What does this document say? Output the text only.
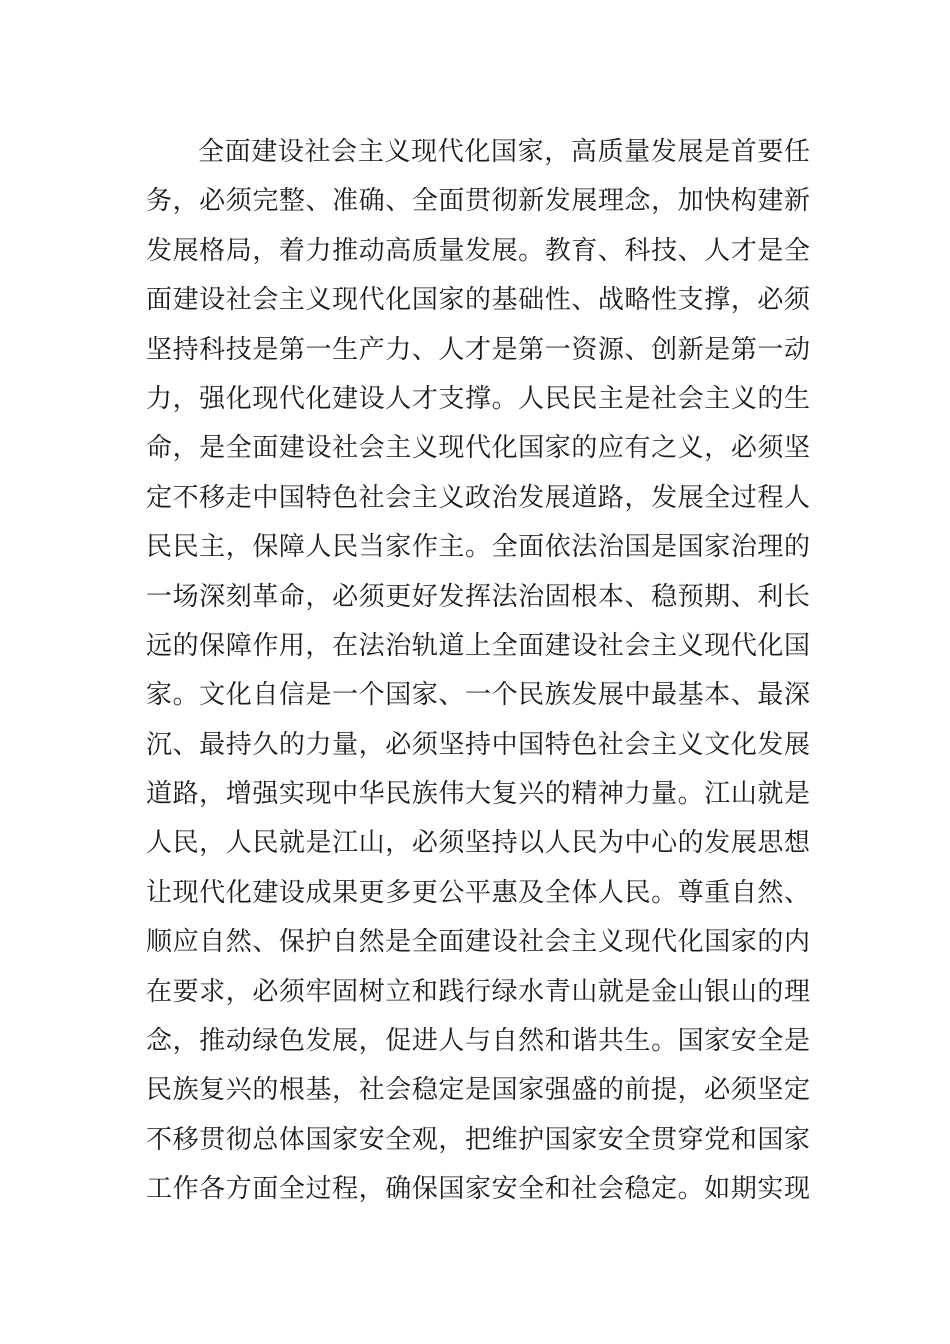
全面建设社会主义现代化国家，高质量发展是首要任
务，必须完整、准确、全面贯彻新发展理念，加快构建新
发展格局，着力推动高质量发展。教育、科技、人才是全
面建设社会主义现代化国家的基础性、战略性支撑，必须
坚持科技是第一生产力、人才是第一资源、创新是第一动
力，强化现代化建设人才支撑。人民民主是社会主义的生
命，是全面建设社会主义现代化国家的应有之义，必须坚
定不移走中国特色社会主义政治发展道路，发展全过程人
民民主，保障人民当家作主。全面依法治国是国家治理的
一场深刻革命，必须更好发挥法治固根本、稳预期、利长
远的保障作用，在法治轨道上全面建设社会主义现代化国
家。文化自信是一个国家、一个民族发展中最基本、最深
沉、最持久的力量，必须坚持中国特色社会主义文化发展
道路，增强实现中华民族伟大复兴的精神力量。江山就是
人民，人民就是江山，必须坚持以人民为中心的发展思想
让现代化建设成果更多更公平惠及全体人民。尊重自然、
顺应自然、保护自然是全面建设社会主义现代化国家的内
在要求，必须牢固树立和践行绿水青山就是金山银山的理
念，推动绿色发展，促进人与自然和谐共生。国家安全是
民族复兴的根基，社会稳定是国家强盛的前提，必须坚定
不移贯彻总体国家安全观，把维护国家安全贯穿党和国家
工作各方面全过程，确保国家安全和社会稳定。如期实现
